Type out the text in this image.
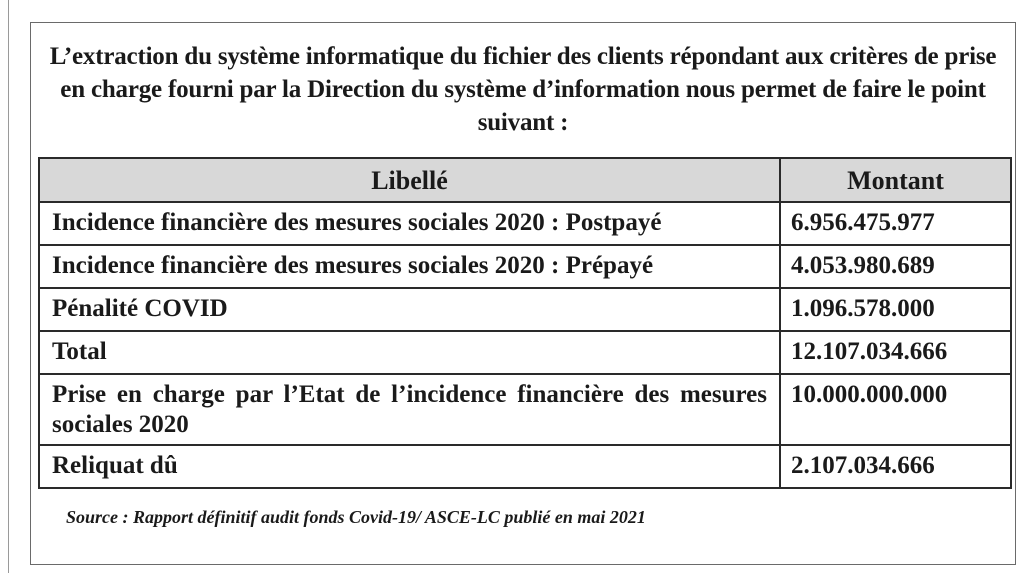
L’extraction du système informatique du fichier des clients répondant aux critères de prise en charge fourni par la Direction du système d’information nous permet de faire le point suivant :

Libellé	Montant
Incidence financière des mesures sociales 2020 : Postpayé	6.956.475.977
Incidence financière des mesures sociales 2020 : Prépayé	4.053.980.689
Pénalité COVID	1.096.578.000
Total	12.107.034.666
Prise en charge par l’Etat de l’incidence financière des mesures sociales 2020	10.000.000.000
Reliquat dû	2.107.034.666

Source : Rapport définitif audit fonds Covid-19/ ASCE-LC publié en mai 2021
